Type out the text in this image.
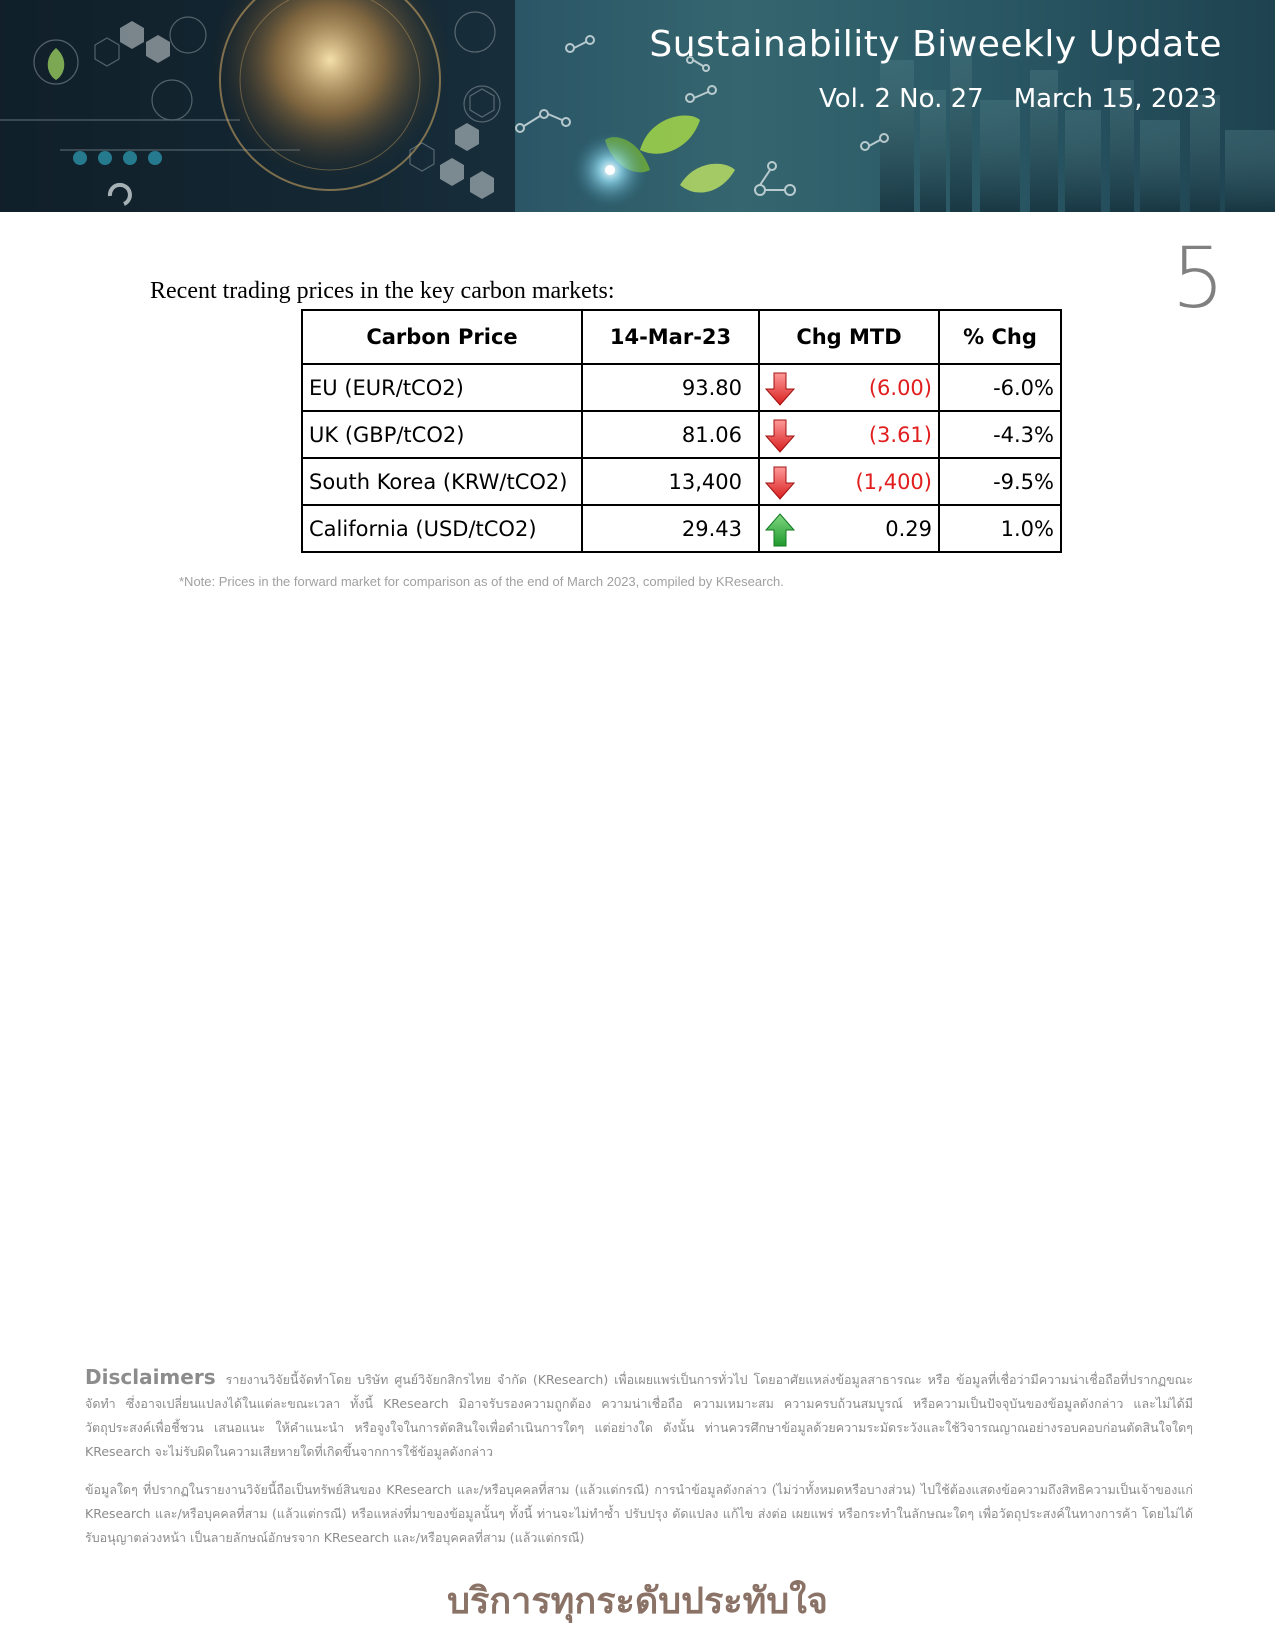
Sustainability Biweekly Update
Vol. 2 No. 27 March 15, 2023
5
Recent trading prices in the key carbon markets:
Carbon Price	14-Mar-23	Chg MTD	% Chg
EU (EUR/tCO2)	93.80	(6.00)	-6.0%
UK (GBP/tCO2)	81.06	(3.61)	-4.3%
South Korea (KRW/tCO2)	13,400	(1,400)	-9.5%
California (USD/tCO2)	29.43	0.29	1.0%
*Note: Prices in the forward market for comparison as of the end of March 2023, compiled by KResearch.
Disclaimers รายงานวิจัยนี้จัดทำโดย บริษัท ศูนย์วิจัยกสิกรไทย จำกัด (KResearch) เพื่อเผยแพร่เป็นการทั่วไป โดยอาศัยแหล่งข้อมูลสาธารณะ หรือ ข้อมูลที่เชื่อว่ามีความน่าเชื่อถือที่ปรากฏขณะจัดทำ ซึ่งอาจเปลี่ยนแปลงได้ในแต่ละขณะเวลา ทั้งนี้ KResearch มิอาจรับรองความถูกต้อง ความน่าเชื่อถือ ความเหมาะสม ความครบถ้วนสมบูรณ์ หรือความเป็นปัจจุบันของข้อมูลดังกล่าว และไม่ได้มีวัตถุประสงค์เพื่อชี้ชวน เสนอแนะ ให้คำแนะนำ หรือจูงใจในการตัดสินใจเพื่อดำเนินการใดๆ แต่อย่างใด ดังนั้น ท่านควรศึกษาข้อมูลด้วยความระมัดระวังและใช้วิจารณญาณอย่างรอบคอบก่อนตัดสินใจใดๆ KResearch จะไม่รับผิดในความเสียหายใดที่เกิดขึ้นจากการใช้ข้อมูลดังกล่าว
ข้อมูลใดๆ ที่ปรากฏในรายงานวิจัยนี้ถือเป็นทรัพย์สินของ KResearch และ/หรือบุคคลที่สาม (แล้วแต่กรณี) การนำข้อมูลดังกล่าว (ไม่ว่าทั้งหมดหรือบางส่วน) ไปใช้ต้องแสดงข้อความถึงสิทธิความเป็นเจ้าของแก่ KResearch และ/หรือบุคคลที่สาม (แล้วแต่กรณี) หรือแหล่งที่มาของข้อมูลนั้นๆ ทั้งนี้ ท่านจะไม่ทำซ้ำ ปรับปรุง ดัดแปลง แก้ไข ส่งต่อ เผยแพร่ หรือกระทำในลักษณะใดๆ เพื่อวัตถุประสงค์ในทางการค้า โดยไม่ได้รับอนุญาตล่วงหน้า เป็นลายลักษณ์อักษรจาก KResearch และ/หรือบุคคลที่สาม (แล้วแต่กรณี)
บริการทุกระดับประทับใจ
